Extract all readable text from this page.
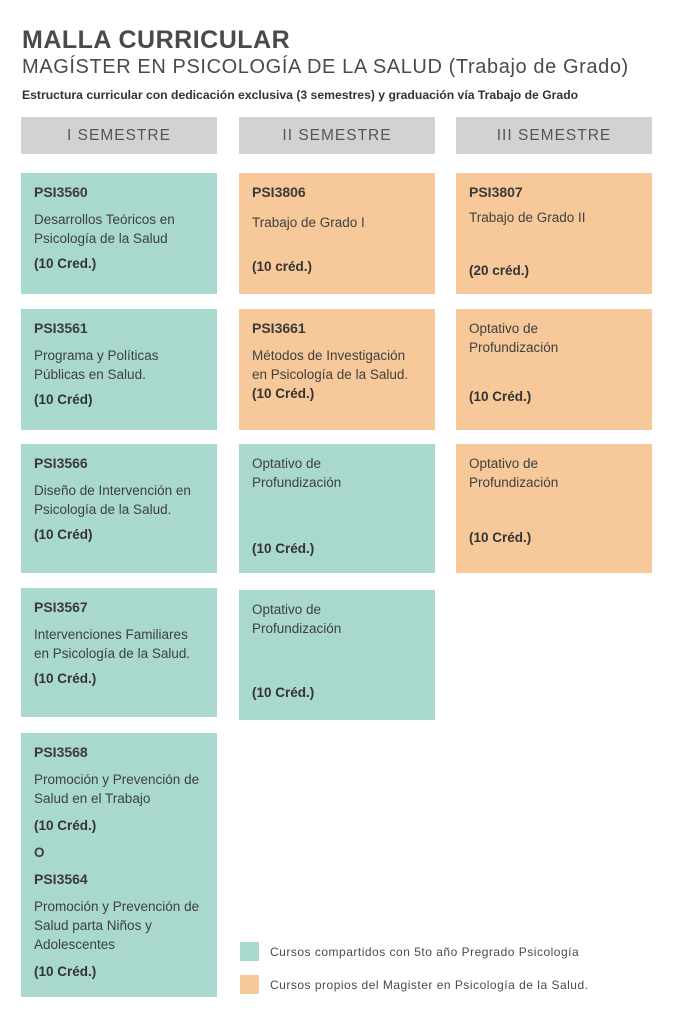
MALLA CURRICULAR
MAGÍSTER EN PSICOLOGÍA DE LA SALUD (Trabajo de Grado)
Estructura curricular con dedicación exclusiva (3 semestres) y graduación vía Trabajo de Grado
I SEMESTRE	II SEMESTRE	III SEMESTRE
PSI3560
Desarrollos Teóricos en Psicología de la Salud
(10 Cred.)
PSI3561
Programa y Políticas Públicas en Salud.
(10 Créd)
PSI3566
Diseño de Intervención en Psicología de la Salud.
(10 Créd)
PSI3567
Intervenciones Familiares en Psicología de la Salud.
(10 Créd.)
PSI3568
Promoción y Prevención de Salud en el Trabajo
(10 Créd.)
O
PSI3564
Promoción y Prevención de Salud parta Niños y Adolescentes
(10 Créd.)
PSI3806
Trabajo de Grado I
(10 créd.)
PSI3661
Métodos de Investigación en Psicología de la Salud.
(10 Créd.)
Optativo de Profundización
(10 Créd.)
Optativo de Profundización
(10 Créd.)
PSI3807
Trabajo de Grado II
(20 créd.)
Optativo de Profundización
(10 Créd.)
Optativo de Profundización
(10 Créd.)
Cursos compartidos con 5to año Pregrado Psicología
Cursos propios del Magister en Psicología de la Salud.
